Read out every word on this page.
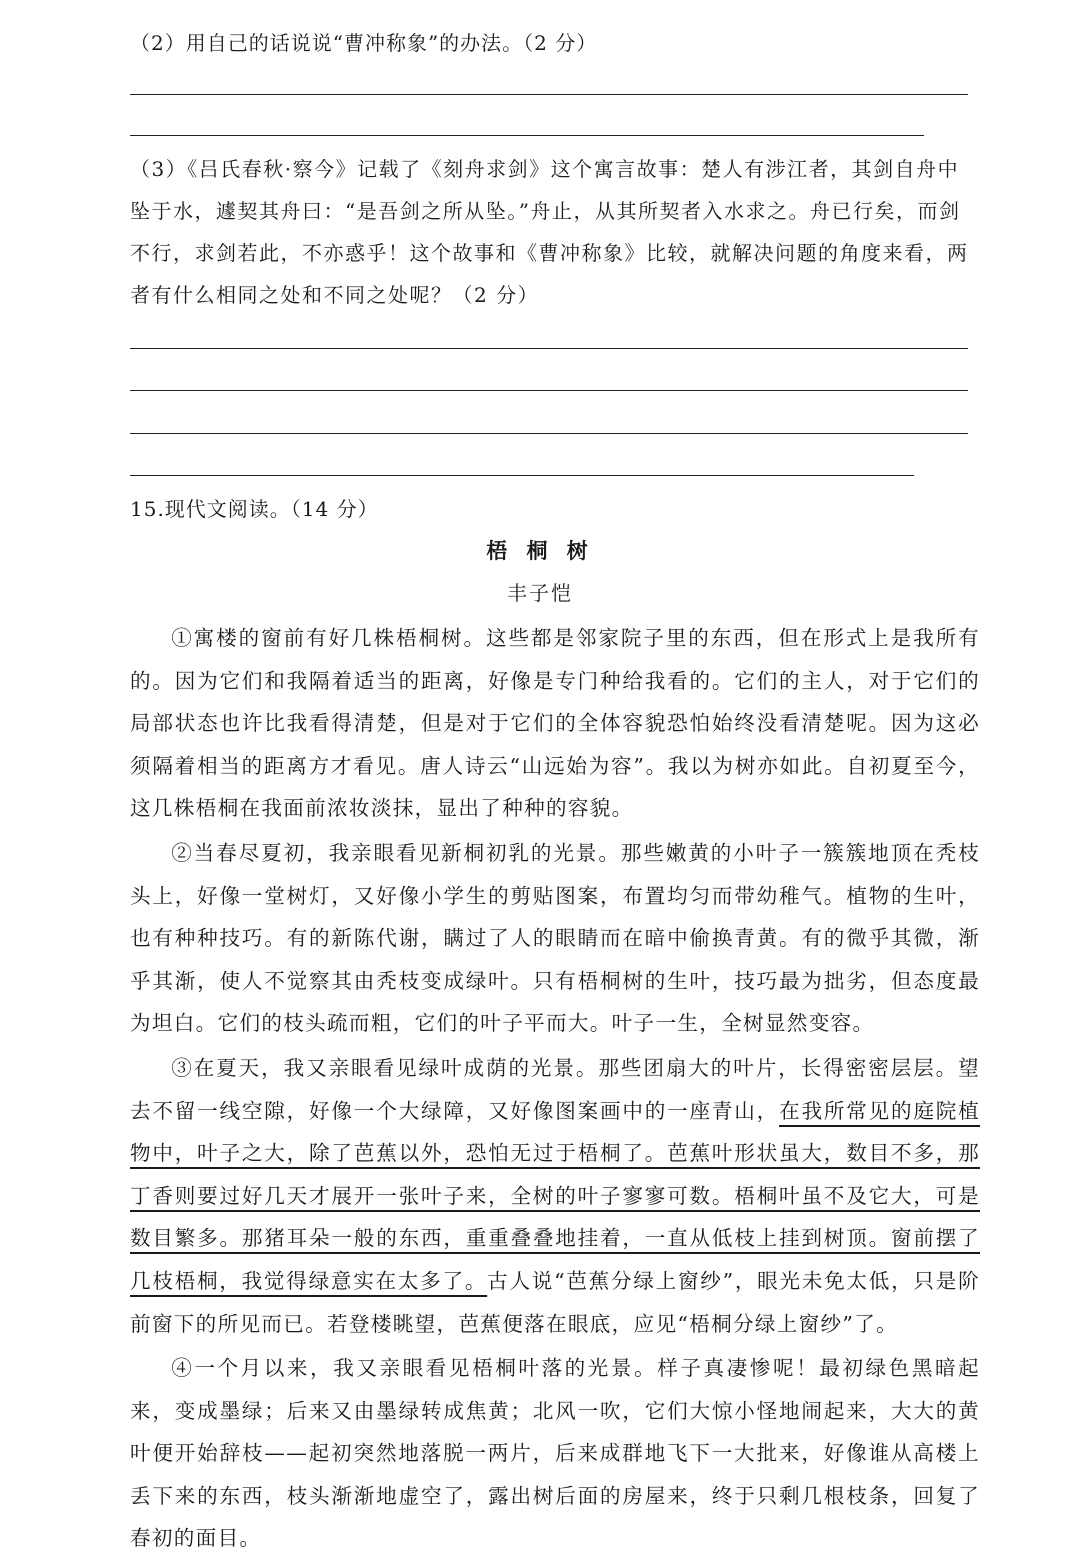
（2）用自己的话说说“曹冲称象”的办法。（2 分）

（3）《吕氏春秋·察今》记载了《刻舟求剑》这个寓言故事：楚人有涉江者，其剑自舟中坠于水，遽契其舟曰：“是吾剑之所从坠。”舟止，从其所契者入水求之。舟已行矣，而剑不行，求剑若此，不亦惑乎！这个故事和《曹冲称象》比较，就解决问题的角度来看，两者有什么相同之处和不同之处呢？（2 分）

15.现代文阅读。（14 分）

梧 桐 树
丰子恺

①寓楼的窗前有好几株梧桐树。这些都是邻家院子里的东西，但在形式上是我所有的。因为它们和我隔着适当的距离，好像是专门种给我看的。它们的主人，对于它们的局部状态也许比我看得清楚，但是对于它们的全体容貌恐怕始终没看清楚呢。因为这必须隔着相当的距离方才看见。唐人诗云“山远始为容”。我以为树亦如此。自初夏至今，这几株梧桐在我面前浓妆淡抹，显出了种种的容貌。

②当春尽夏初，我亲眼看见新桐初乳的光景。那些嫩黄的小叶子一簇簇地顶在秃枝头上，好像一堂树灯，又好像小学生的剪贴图案，布置均匀而带幼稚气。植物的生叶，也有种种技巧。有的新陈代谢，瞒过了人的眼睛而在暗中偷换青黄。有的微乎其微，渐乎其渐，使人不觉察其由秃枝变成绿叶。只有梧桐树的生叶，技巧最为拙劣，但态度最为坦白。它们的枝头疏而粗，它们的叶子平而大。叶子一生，全树显然变容。

③在夏天，我又亲眼看见绿叶成荫的光景。那些团扇大的叶片，长得密密层层。望去不留一线空隙，好像一个大绿障，又好像图案画中的一座青山，在我所常见的庭院植物中，叶子之大，除了芭蕉以外，恐怕无过于梧桐了。芭蕉叶形状虽大，数目不多，那丁香则要过好几天才展开一张叶子来，全树的叶子寥寥可数。梧桐叶虽不及它大，可是数目繁多。那猪耳朵一般的东西，重重叠叠地挂着，一直从低枝上挂到树顶。窗前摆了几枝梧桐，我觉得绿意实在太多了。古人说“芭蕉分绿上窗纱”，眼光未免太低，只是阶前窗下的所见而已。若登楼眺望，芭蕉便落在眼底，应见“梧桐分绿上窗纱”了。

④一个月以来，我又亲眼看见梧桐叶落的光景。样子真凄惨呢！最初绿色黑暗起来，变成墨绿；后来又由墨绿转成焦黄；北风一吹，它们大惊小怪地闹起来，大大的黄叶便开始辞枝——起初突然地落脱一两片，后来成群地飞下一大批来，好像谁从高楼上丢下来的东西，枝头渐渐地虚空了，露出树后面的房屋来，终于只剩几根枝条，回复了春初的面目。
